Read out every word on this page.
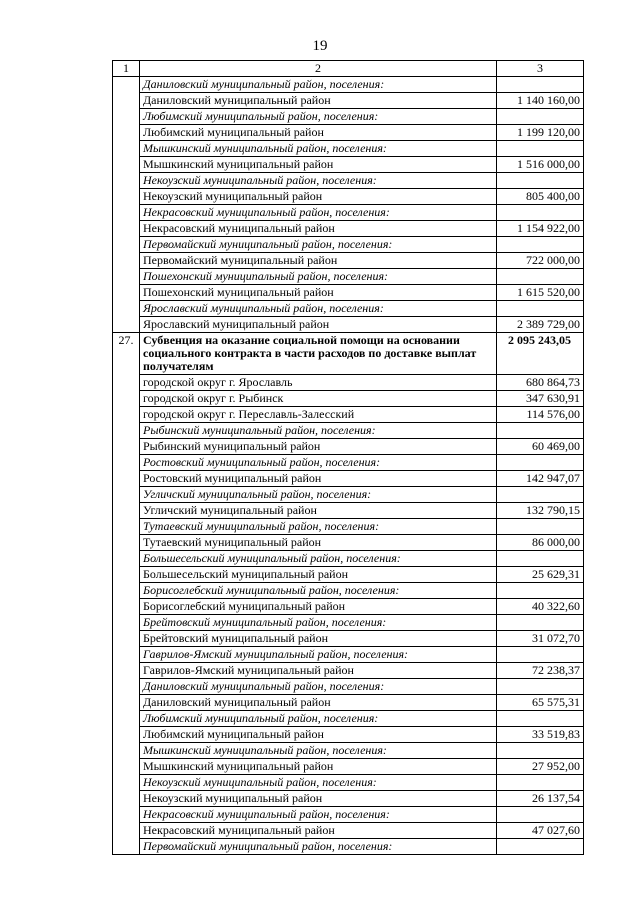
19
1	2	3
	Даниловский муниципальный район, поселения:	
	Даниловский муниципальный район	1 140 160,00
	Любимский муниципальный район, поселения:	
	Любимский муниципальный район	1 199 120,00
	Мышкинский муниципальный район, поселения:	
	Мышкинский муниципальный район	1 516 000,00
	Некоузский муниципальный район, поселения:	
	Некоузский муниципальный район	805 400,00
	Некрасовский муниципальный район, поселения:	
	Некрасовский муниципальный район	1 154 922,00
	Первомайский муниципальный район, поселения:	
	Первомайский муниципальный район	722 000,00
	Пошехонский муниципальный район, поселения:	
	Пошехонский муниципальный район	1 615 520,00
	Ярославский муниципальный район, поселения:	
	Ярославский муниципальный район	2 389 729,00
27.	Субвенция на оказание социальной помощи на основании социального контракта в части расходов по доставке выплат получателям	2 095 243,05
	городской округ г. Ярославль	680 864,73
	городской округ г. Рыбинск	347 630,91
	городской округ г. Переславль-Залесский	114 576,00
	Рыбинский муниципальный район, поселения:	
	Рыбинский муниципальный район	60 469,00
	Ростовский муниципальный район, поселения:	
	Ростовский муниципальный район	142 947,07
	Угличский муниципальный район, поселения:	
	Угличский муниципальный район	132 790,15
	Тутаевский муниципальный район, поселения:	
	Тутаевский муниципальный район	86 000,00
	Большесельский муниципальный район, поселения:	
	Большесельский муниципальный район	25 629,31
	Борисоглебский муниципальный район, поселения:	
	Борисоглебский муниципальный район	40 322,60
	Брейтовский муниципальный район, поселения:	
	Брейтовский муниципальный район	31 072,70
	Гаврилов-Ямский муниципальный район, поселения:	
	Гаврилов-Ямский муниципальный район	72 238,37
	Даниловский муниципальный район, поселения:	
	Даниловский муниципальный район	65 575,31
	Любимский муниципальный район, поселения:	
	Любимский муниципальный район	33 519,83
	Мышкинский муниципальный район, поселения:	
	Мышкинский муниципальный район	27 952,00
	Некоузский муниципальный район, поселения:	
	Некоузский муниципальный район	26 137,54
	Некрасовский муниципальный район, поселения:	
	Некрасовский муниципальный район	47 027,60
	Первомайский муниципальный район, поселения:	
